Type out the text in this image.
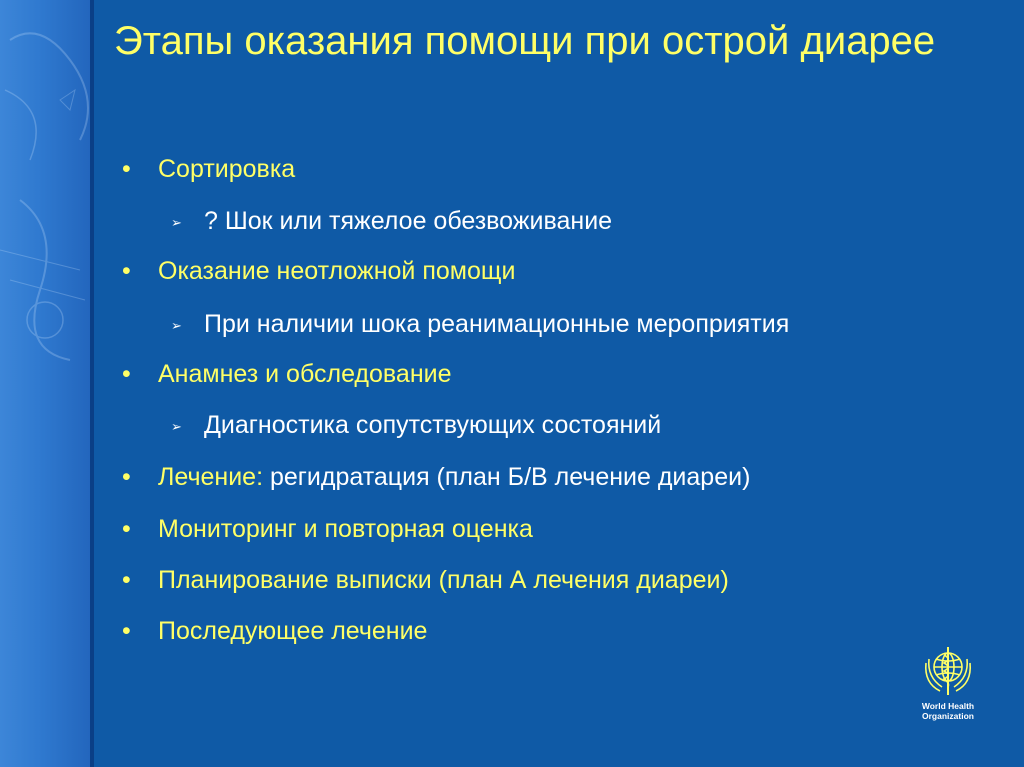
Этапы оказания помощи при острой диарее
• Сортировка
➢ ? Шок или тяжелое обезвоживание
• Оказание неотложной помощи
➢ При наличии шока реанимационные мероприятия
• Анамнез и обследование
➢ Диагностика сопутствующих состояний
• Лечение: регидратация (план Б/В лечение диареи)
• Мониторинг и повторная оценка
• Планирование выписки (план А лечения диареи)
• Последующее лечение
World Health
Organization
